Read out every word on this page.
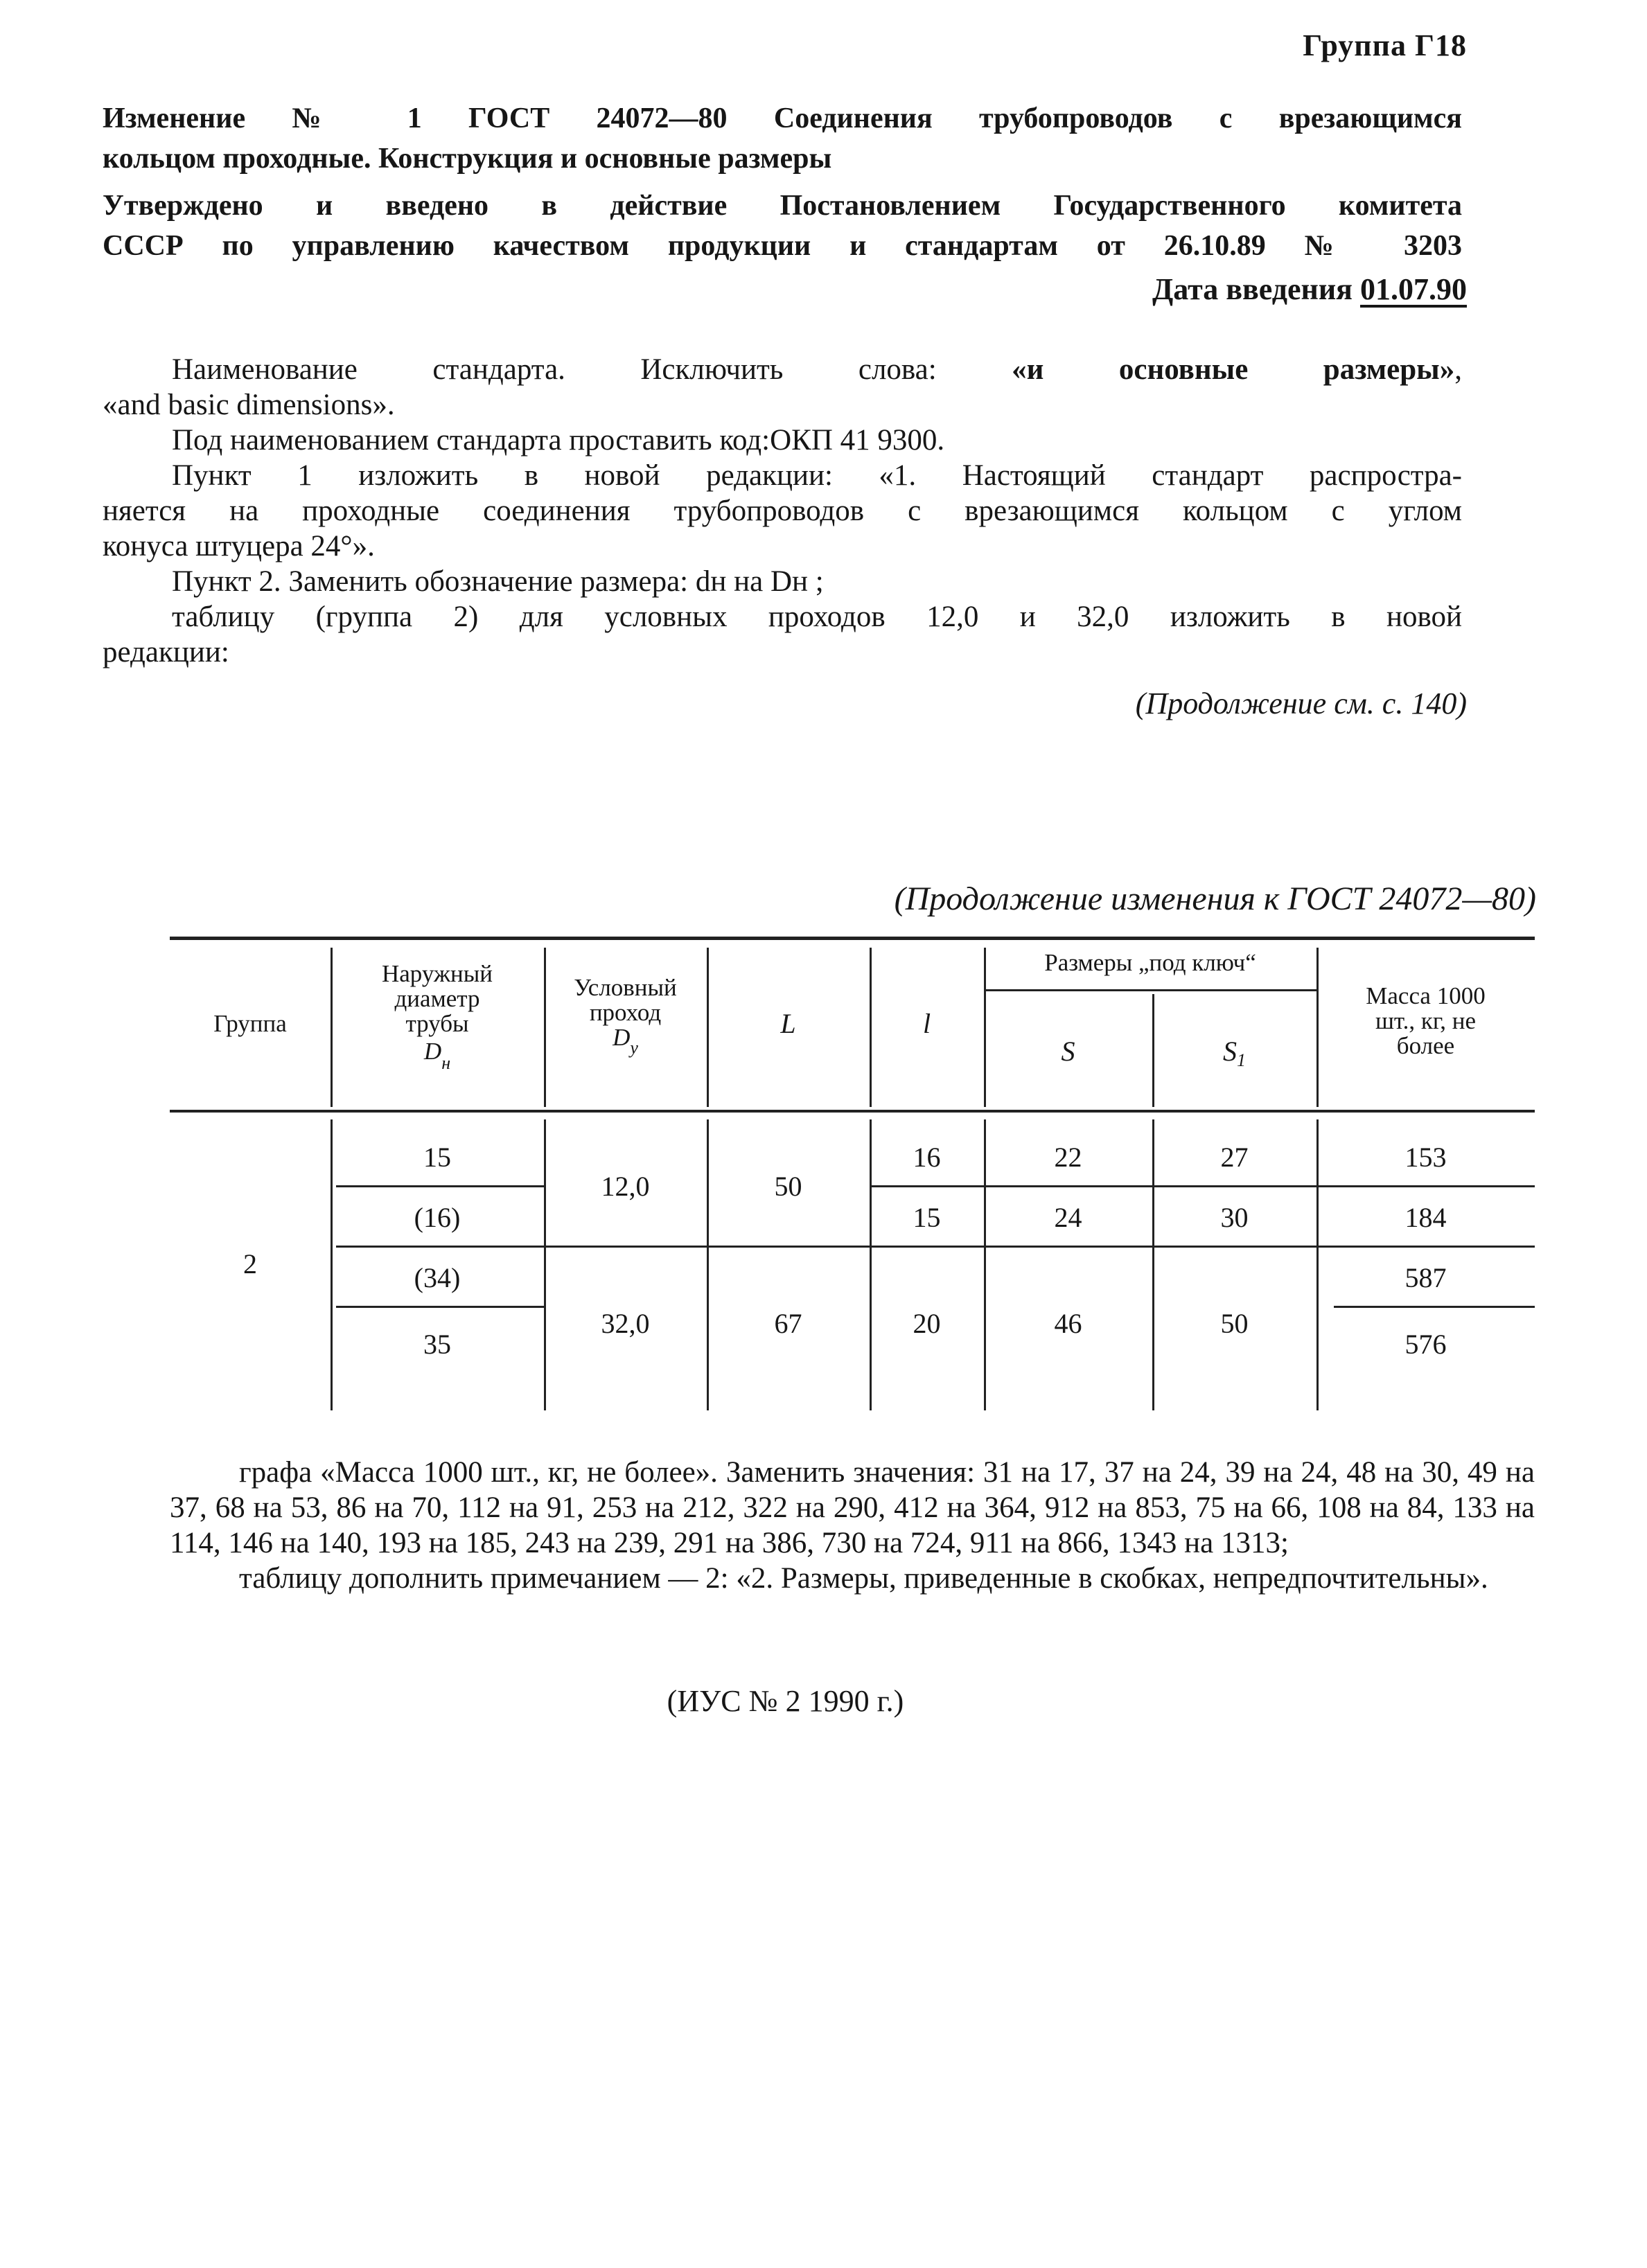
Группа Г18
Изменение № 1 ГОСТ 24072—80 Соединения трубопроводов с врезающимся
кольцом проходные. Конструкция и основные размеры
Утверждено и введено в действие Постановлением Государственного комитета
СССР по управлению качеством продукции и стандартам от 26.10.89 № 3203
Дата введения 01.07.90

Наименование стандарта. Исключить слова: «и основные размеры»,

«and basic dimensions».

Под наименованием стандарта проставить код:ОКП 41 9300.

Пункт 1 изложить в новой редакции: «1. Настоящий стандарт распростра-

няется на проходные соединения трубопроводов с врезающимся кольцом с углом

конуса штуцера 24°».

Пункт 2. Заменить обозначение размера: dн на Dн ;

таблицу (группа 2) для условных проходов 12,0 и 32,0 изложить в новой

редакции:

(Продолжение см. с. 140)
(Продолжение изменения к ГОСТ 24072—80)
Группа
Наружный
диаметр
трубы
$D_н$
Условный
проход
$D_у$
L	l
Размеры „под ключ“
S	$S_1$
Масса 1000
шт., кг, не
более
2
15
(16)
(34)
35
12,0
32,0
50
67
16
15
20
22
24
46
27
30
50
153
184
587
576

графа «Масса 1000 шт., кг, не более». Заменить значения: 31 на 17, 37 на 24, 39 на 24, 48 на 30, 49 на 37, 68 на 53, 86 на 70, 112 на 91, 253 на 212, 322 на 290, 412 на 364, 912 на 853, 75 на 66, 108 на 84, 133 на 114, 146 на 140, 193 на 185, 243 на 239, 291 на 386, 730 на 724, 911 на 866, 1343 на 1313;

таблицу дополнить примечанием — 2: «2. Размеры, приведенные в скобках, непредпочтительны».

(ИУС № 2 1990 г.)
